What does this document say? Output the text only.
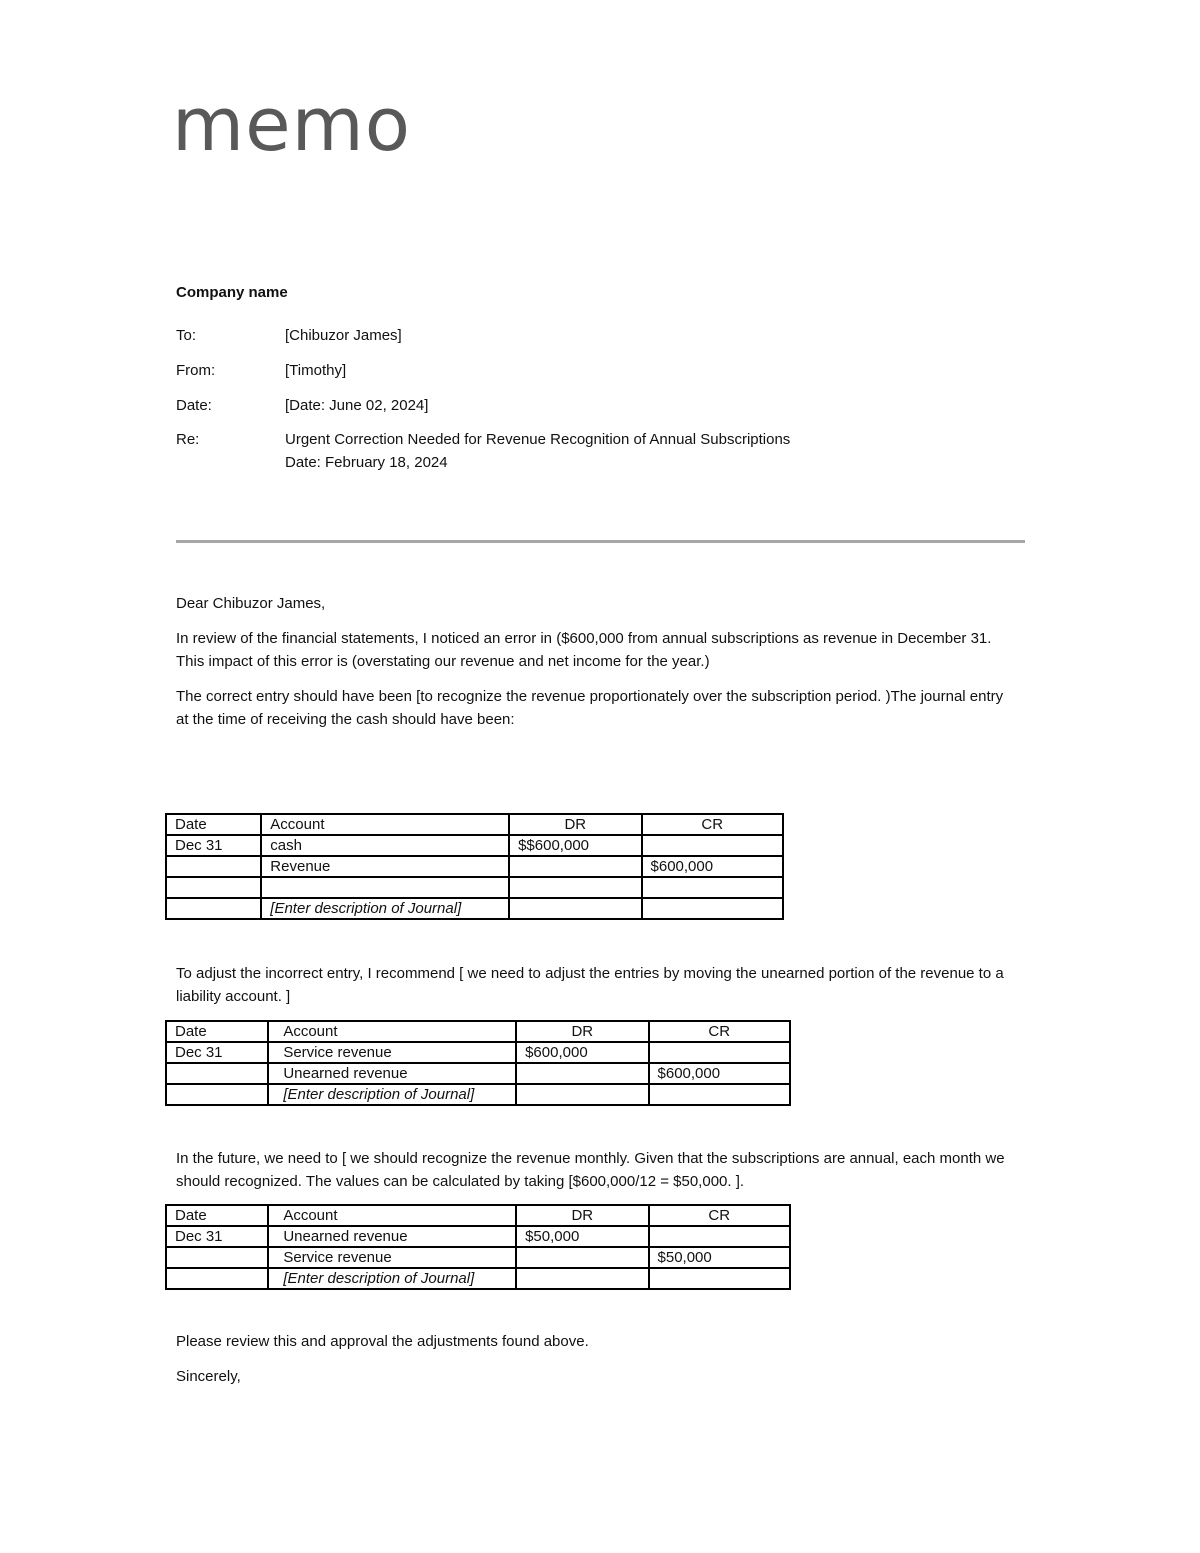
memo
Company name
To:	[Chibuzor James]
From:	[Timothy]
Date:	[Date: June 02, 2024]
Re:	Urgent Correction Needed for Revenue Recognition of Annual Subscriptions
Date: February 18, 2024

Dear Chibuzor James,

In review of the financial statements, I noticed an error in ($600,000 from annual subscriptions as revenue in December 31. This impact of this error is (overstating our revenue and net income for the year.)

The correct entry should have been [to recognize the revenue proportionately over the subscription period. )The journal entry at the time of receiving the cash should have been:

Date	Account	DR	CR
Dec 31	cash	$$600,000	
	Revenue		$600,000

	[Enter description of Journal]		

To adjust the incorrect entry, I recommend [ we need to adjust the entries by moving the unearned portion of the revenue to a liability account. ]

Date	Account	DR	CR
Dec 31	Service revenue	$600,000	
	Unearned revenue		$600,000
	[Enter description of Journal]		

In the future, we need to [ we should recognize the revenue monthly. Given that the subscriptions are annual, each month we should recognized. The values can be calculated by taking [$600,000/12 = $50,000. ].

Date	Account	DR	CR
Dec 31	Unearned revenue	$50,000	
	Service revenue		$50,000
	[Enter description of Journal]		

Please review this and approval the adjustments found above.

Sincerely,
